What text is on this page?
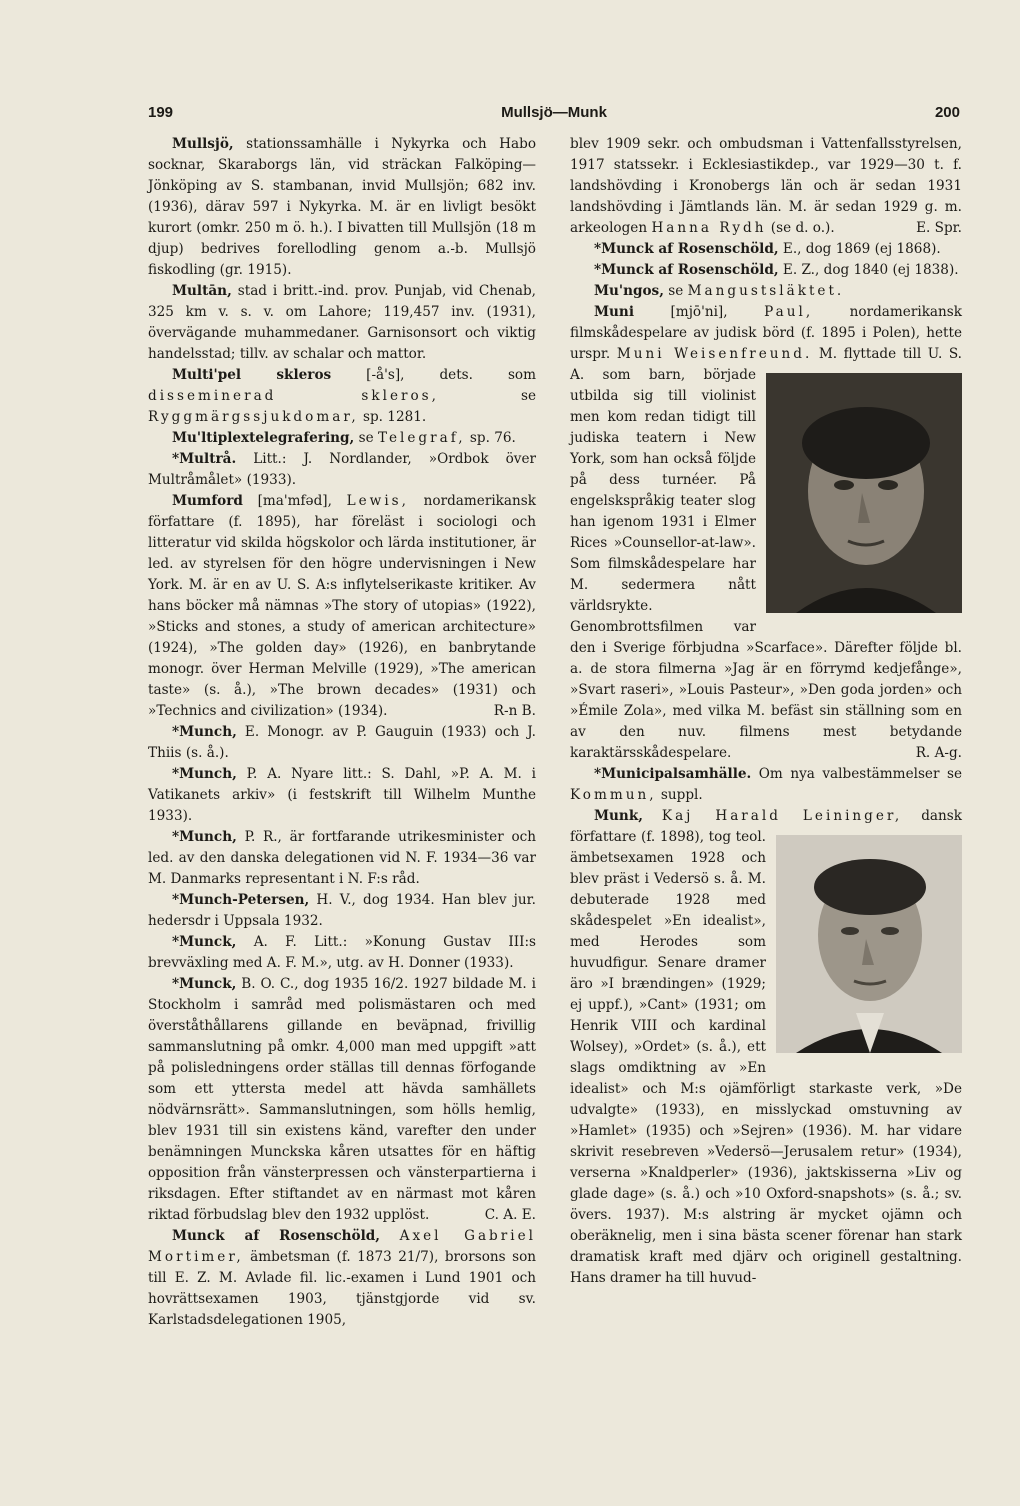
199	Mullsjö—Munk	200

Mullsjö, stationssamhälle i Nykyrka och Habo socknar, Skaraborgs län, vid sträckan Falköping—Jönköping av S. stambanan, invid Mullsjön; 682 inv. (1936), därav 597 i Nykyrka. M. är en livligt besökt kurort (omkr. 250 m ö. h.). I bivatten till Mullsjön (18 m djup) bedrives forellodling genom a.-b. Mullsjö fiskodling (gr. 1915).

Multān, stad i britt.-ind. prov. Punjab, vid Chenab, 325 km v. s. v. om Lahore; 119,457 inv. (1931), övervägande muhammedaner. Garnisonsort och viktig handelsstad; tillv. av schalar och mattor.

Multi'pel skleros	[-å's], dets. som disseminerad skleros,	se Ryggmärgssjukdomar, sp. 1281.

Mu'ltiplextelegrafering, se Telegraf, sp. 76.

*Multrå. Litt.: J. Nordlander, »Ordbok över Multråmålet» (1933).

Mumford [ma'mfəd], Lewis, nordamerikansk författare (f. 1895), har föreläst i sociologi och litteratur vid skilda högskolor och lärda institutioner, är led. av styrelsen för den högre undervisningen i New York. M. är en av U. S. A:s inflytelserikaste kritiker. Av hans böcker må nämnas »The story of utopias» (1922), »Sticks and stones, a study of american architecture» (1924), »The golden day» (1926), en banbrytande monogr. över Herman Melville (1929), »The american taste» (s. å.), »The brown decades» (1931) och »Technics and civilization» (1934).	R-n B.

*Munch, E. Monogr. av P. Gauguin (1933) och J. Thiis (s. å.).

*Munch, P. A. Nyare litt.: S. Dahl, »P. A. M. i Vatikanets arkiv» (i festskrift till Wilhelm Munthe 1933).

*Munch, P. R., är fortfarande utrikesminister och led. av den danska delegationen vid N. F. 1934—36 var M. Danmarks representant i N. F:s råd.

*Munch-Petersen, H. V., dog 1934. Han blev jur. hedersdr i Uppsala 1932.

*Munck, A. F. Litt.: »Konung Gustav III:s brevväxling med A. F. M.», utg. av H. Donner (1933).

*Munck, B. O. C., dog 1935 16/2. 1927 bildade M. i Stockholm i samråd med polismästaren och med överståthållarens gillande en beväpnad, frivillig sammanslutning på omkr. 4,000 man med uppgift »att på polisledningens order ställas till dennas förfogande som ett yttersta medel att hävda samhällets nödvärnsrätt». Sammanslutningen, som hölls hemlig, blev 1931 till sin existens känd, varefter den under benämningen Munckska kåren utsattes för en häftig opposition från vänsterpressen och vänsterpartierna i riksdagen. Efter stiftandet av en närmast mot kåren riktad förbudslag blev den 1932 upplöst.	C. A. E.

Munck af Rosenschöld, Axel Gabriel Mortimer, ämbetsman (f. 1873 21/7), brorsons son till E. Z. M. Avlade fil. lic.-examen i Lund 1901 och hovrättsexamen 1903, tjänstgjorde vid sv. Karlstadsdelegationen 1905,

blev 1909 sekr. och ombudsman i Vattenfallsstyrelsen, 1917 statssekr. i Ecklesiastikdep., var 1929—30 t. f. landshövding i Kronobergs län och är sedan 1931 landshövding i Jämtlands län. M. är sedan 1929 g. m. arkeologen Hanna Rydh (se d. o.).	E. Spr.

*Munck af Rosenschöld, E., dog 1869 (ej 1868).

*Munck af Rosenschöld, E. Z., dog 1840 (ej 1838).

Mu'ngos, se Mangustsläktet.

Muni	[mjō'ni],	Paul,	nordamerikansk filmskådespelare av judisk börd (f. 1895 i Polen), hette urspr. Muni Weisenfreund. M. flyttade till U. S. A. som barn, började utbilda sig till violinist men kom redan tidigt till judiska teatern i New York, som han också följde på dess turnéer. På engelskspråkig teater slog han igenom 1931 i Elmer Rices »Counsellor-at-law». Som filmskådespelare har M. sedermera nått världsrykte. Genombrottsfilmen var den i Sverige förbjudna »Scarface». Därefter följde bl. a. de stora filmerna »Jag är en förrymd kedjefånge», »Svart raseri», »Louis Pasteur», »Den goda jorden» och »Émile Zola», med vilka M. befäst sin ställning som en av den nuv. filmens mest betydande karaktärsskådespelare.	R. A-g.

*Municipalsamhälle. Om nya valbestämmelser se Kommun, suppl.

Munk, Kaj Harald Leininger, dansk författare (f. 1898), tog teol. ämbetsexamen 1928 och blev präst i Vedersö s. å. M. debuterade 1928 med skådespelet »En idealist», med Herodes som huvudfigur. Senare dramer äro »I brændingen» (1929; ej uppf.), »Cant» (1931; om Henrik VIII och kardinal Wolsey), »Ordet» (s. å.), ett slags omdiktning av »En idealist» och M:s ojämförligt starkaste verk, »De udvalgte» (1933), en misslyckad omstuvning av »Hamlet» (1935) och »Sejren» (1936). M. har vidare skrivit resebreven »Vedersö—Jerusalem retur» (1934), verserna »Knaldperler» (1936), jaktskisserna »Liv og glade dage» (s. å.) och »10 Oxford-snapshots» (s. å.; sv. övers. 1937). M:s alstring är mycket ojämn och oberäknelig, men i sina bästa scener förenar han stark dramatisk kraft med djärv och originell gestaltning. Hans dramer ha till huvud-
